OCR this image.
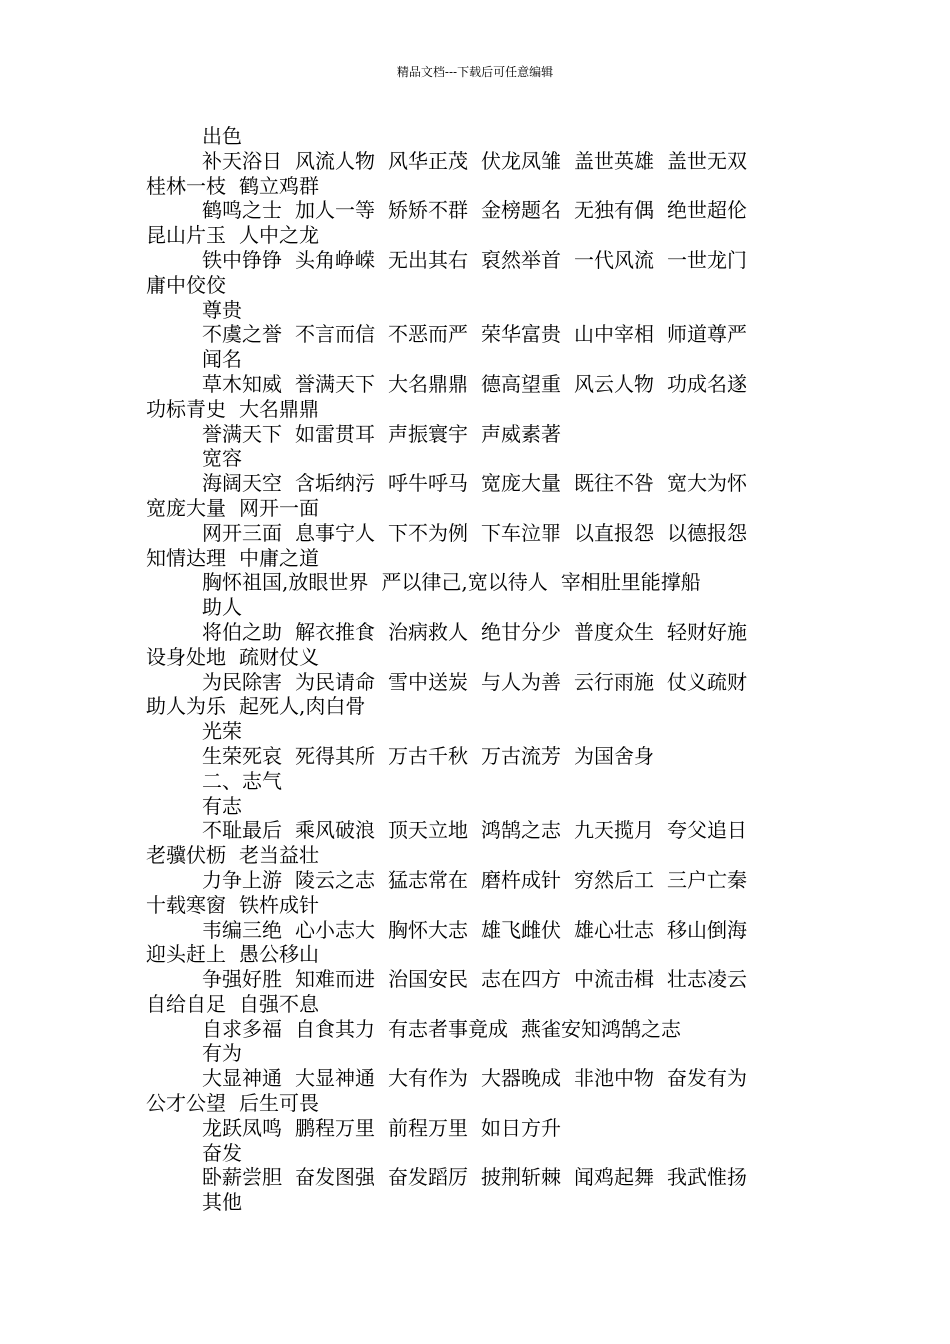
精品文档---下载后可任意编辑
出色
补天浴日 风流人物 风华正茂 伏龙凤雏 盖世英雄 盖世无双
桂林一枝 鹤立鸡群
鹤鸣之士 加人一等 矫矫不群 金榜题名 无独有偶 绝世超伦
昆山片玉 人中之龙
铁中铮铮 头角峥嵘 无出其右 裒然举首 一代风流 一世龙门
庸中佼佼
尊贵
不虞之誉 不言而信 不恶而严 荣华富贵 山中宰相 师道尊严
闻名
草木知威 誉满天下 大名鼎鼎 德高望重 风云人物 功成名遂
功标青史 大名鼎鼎
誉满天下 如雷贯耳 声振寰宇 声威素著
宽容
海阔天空 含垢纳污 呼牛呼马 宽庞大量 既往不咎 宽大为怀
宽庞大量 网开一面
网开三面 息事宁人 下不为例 下车泣罪 以直报怨 以德报怨
知情达理 中庸之道
胸怀祖国,放眼世界 严以律己,宽以待人 宰相肚里能撑船
助人
将伯之助 解衣推食 治病救人 绝甘分少 普度众生 轻财好施
设身处地 疏财仗义
为民除害 为民请命 雪中送炭 与人为善 云行雨施 仗义疏财
助人为乐 起死人,肉白骨
光荣
生荣死哀 死得其所 万古千秋 万古流芳 为国舍身
二、志气
有志
不耻最后 乘风破浪 顶天立地 鸿鹄之志 九天揽月 夸父追日
老骥伏枥 老当益壮
力争上游 陵云之志 猛志常在 磨杵成针 穷然后工 三户亡秦
十载寒窗 铁杵成针
韦编三绝 心小志大 胸怀大志 雄飞雌伏 雄心壮志 移山倒海
迎头赶上 愚公移山
争强好胜 知难而进 治国安民 志在四方 中流击楫 壮志凌云
自给自足 自强不息
自求多福 自食其力 有志者事竟成 燕雀安知鸿鹄之志
有为
大显神通 大显神通 大有作为 大器晚成 非池中物 奋发有为
公才公望 后生可畏
龙跃凤鸣 鹏程万里 前程万里 如日方升
奋发
卧薪尝胆 奋发图强 奋发蹈厉 披荆斩棘 闻鸡起舞 我武惟扬
其他
